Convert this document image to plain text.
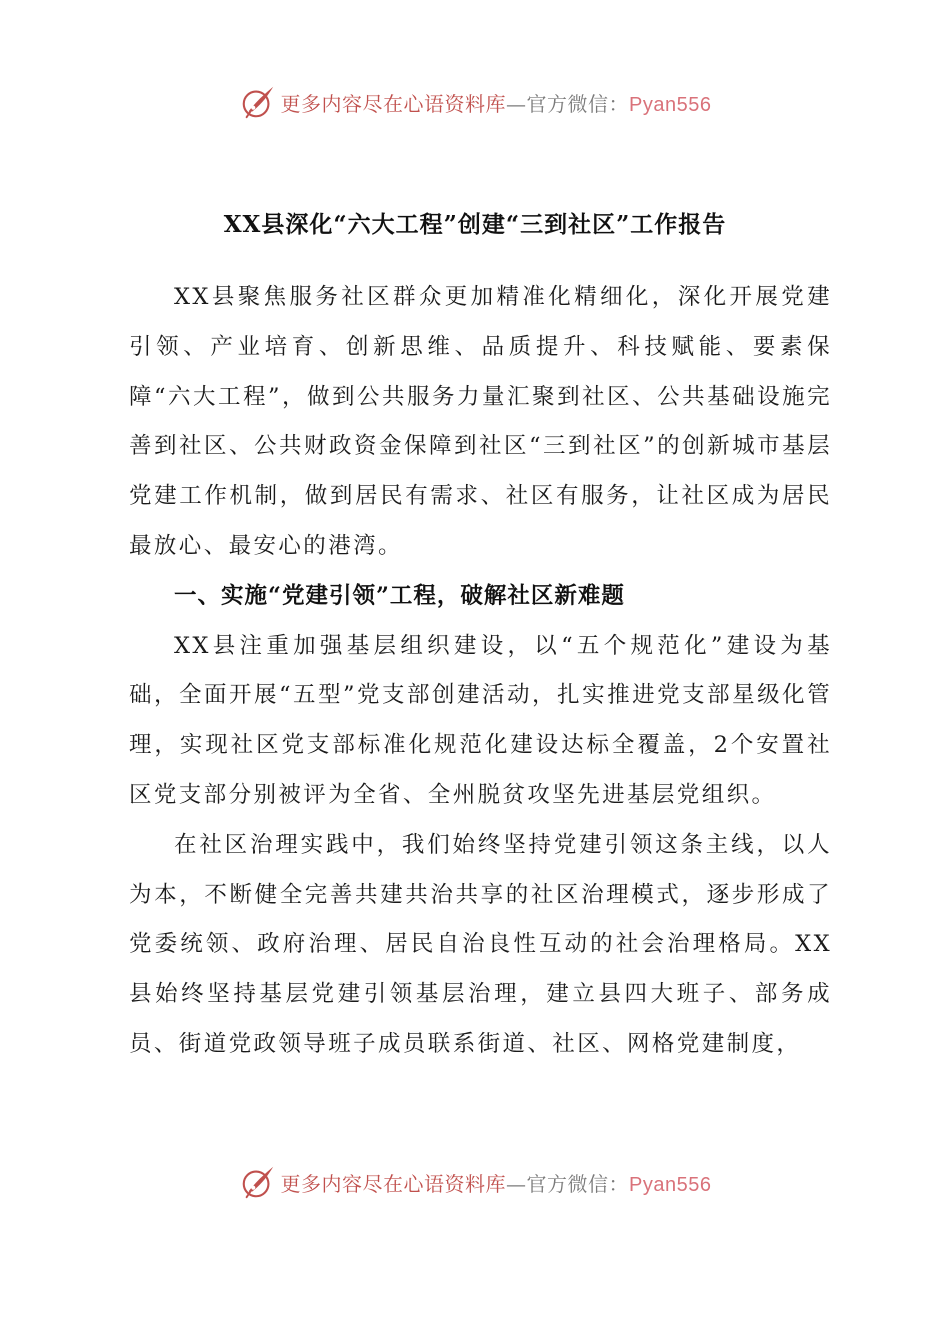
更多内容尽在心语资料库—官方微信：Pyan556
XX县深化“六大工程”创建“三到社区”工作报告

XX县聚焦服务社区群众更加精准化精细化，深化开展党建引领、产业培育、创新思维、品质提升、科技赋能、要素保障“六大工程”，做到公共服务力量汇聚到社区、公共基础设施完善到社区、公共财政资金保障到社区“三到社区”的创新城市基层党建工作机制，做到居民有需求、社区有服务，让社区成为居民最放心、最安心的港湾。

一、实施“党建引领”工程，破解社区新难题

XX县注重加强基层组织建设，以“五个规范化”建设为基础，全面开展“五型”党支部创建活动，扎实推进党支部星级化管理，实现社区党支部标准化规范化建设达标全覆盖，2个安置社区党支部分别被评为全省、全州脱贫攻坚先进基层党组织。

在社区治理实践中，我们始终坚持党建引领这条主线，以人为本，不断健全完善共建共治共享的社区治理模式，逐步形成了党委统领、政府治理、居民自治良性互动的社会治理格局。XX县始终坚持基层党建引领基层治理，建立县四大班子、部务成员、街道党政领导班子成员联系街道、社区、网格党建制度，

更多内容尽在心语资料库—官方微信：Pyan556
